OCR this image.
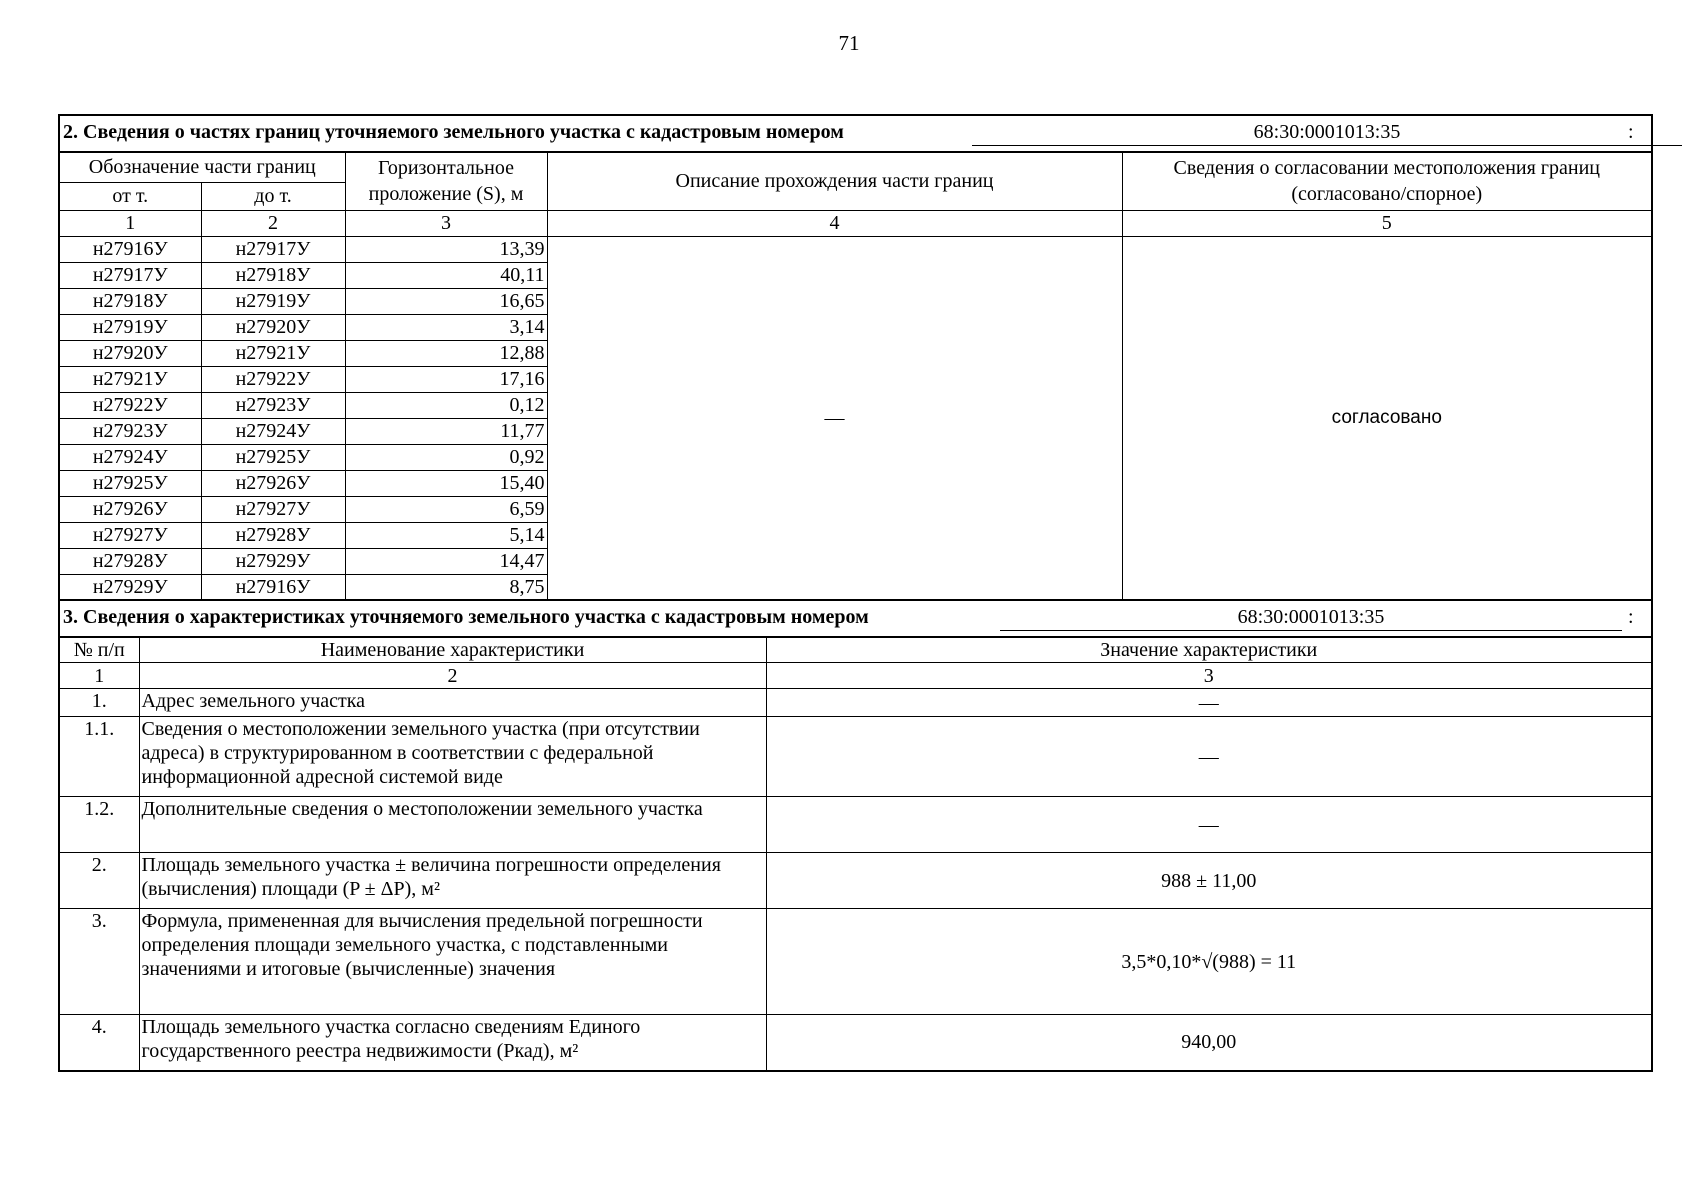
71
2. Сведения о частях границ уточняемого земельного участка с кадастровым номером 68:30:0001013:35 :				

Обозначение части границ		Горизонтальное проложение (S), м	Описание прохождения части границ	Сведения о согласовании местоположения границ (согласовано/спорное)
от т.	до т.			
1	2	3	4	5
н27916У	н27917У	13,39	—	согласовано
н27917У	н27918У	40,11		
н27918У	н27919У	16,65		
н27919У	н27920У	3,14		
н27920У	н27921У	12,88		
н27921У	н27922У	17,16		
н27922У	н27923У	0,12		
н27923У	н27924У	11,77		
н27924У	н27925У	0,92		
н27925У	н27926У	15,40		
н27926У	н27927У	6,59		
н27927У	н27928У	5,14		
н27928У	н27929У	14,47		
н27929У	н27916У	8,75		

3. Сведения о характеристиках уточняемого земельного участка с кадастровым номером 68:30:0001013:35 :				
№ п/п	Наименование характеристики	Значение характеристики
1	2	3
1.	Адрес земельного участка	—
1.1.	Сведения о местоположении земельного участка (при отсутствии адреса) в структурированном в соответствии с федеральной информационной адресной системой виде	—
1.2.	Дополнительные сведения о местоположении земельного участка	—
2.	Площадь земельного участка ± величина погрешности определения (вычисления) площади (P ± ΔP), м²	988 ± 11,00
3.	Формула, примененная для вычисления предельной погрешности определения площади земельного участка, с подставленными значениями и итоговые (вычисленные) значения	3,5*0,10*√(988) = 11
4.	Площадь земельного участка согласно сведениям Единого государственного реестра недвижимости (Pкад), м²	940,00
